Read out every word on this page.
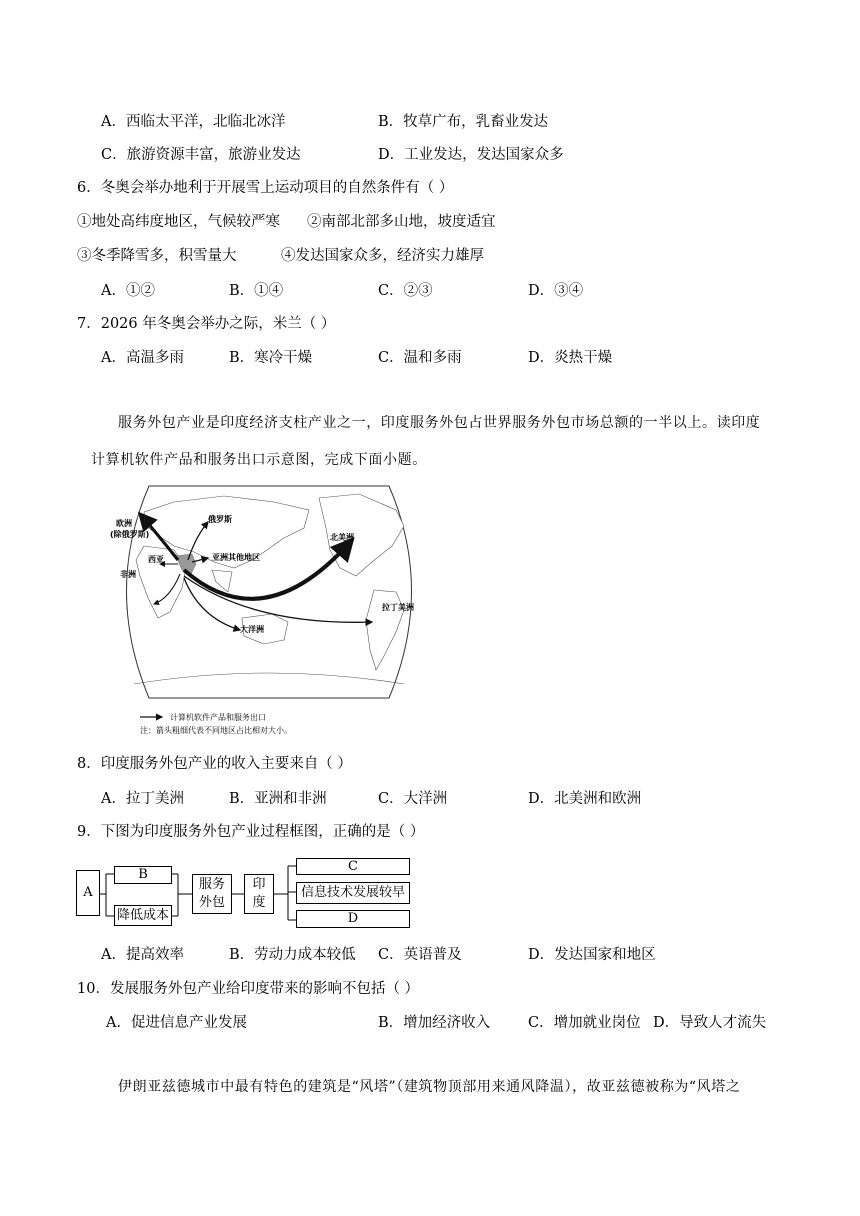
A．西临太平洋，北临北冰洋	B．牧草广布，乳畜业发达
C．旅游资源丰富，旅游业发达	D．工业发达，发达国家众多
6．冬奥会举办地利于开展雪上运动项目的自然条件有（ ）
①地处高纬度地区，气候较严寒 ②南部北部多山地，坡度适宜
③冬季降雪多，积雪量大	④发达国家众多，经济实力雄厚
A．①②	B．①④	C．②③	D．③④
7．2026 年冬奥会举办之际，米兰（ ）
A．高温多雨	B．寒冷干燥	C．温和多雨	D．炎热干燥
服务外包产业是印度经济支柱产业之一，印度服务外包占世界服务外包市场总额的一半以上。读印度
计算机软件产品和服务出口示意图，完成下面小题。
欧洲
(除俄罗斯)
俄罗斯
西亚	亚洲其他地区
非洲
北美洲
拉丁美洲
大洋洲
计算机软件产品和服务出口
注：箭头粗细代表不同地区占比相对大小。
8．印度服务外包产业的收入主要来自（ ）
A．拉丁美洲	B．亚洲和非洲	C．大洋洲	D．北美洲和欧洲
9．下图为印度服务外包产业过程框图，正确的是（ ）
A
B
降低成本
服务
外包
印
度
C
信息技术发展较早
D
A．提高效率	B．劳动力成本较低 C．英语普及	D．发达国家和地区
10．发展服务外包产业给印度带来的影响不包括（ ）
A．促进信息产业发展	B．增加经济收入	C．增加就业岗位 D．导致人才流失
伊朗亚兹德城市中最有特色的建筑是“风塔”（建筑物顶部用来通风降温），故亚兹德被称为“风塔之
